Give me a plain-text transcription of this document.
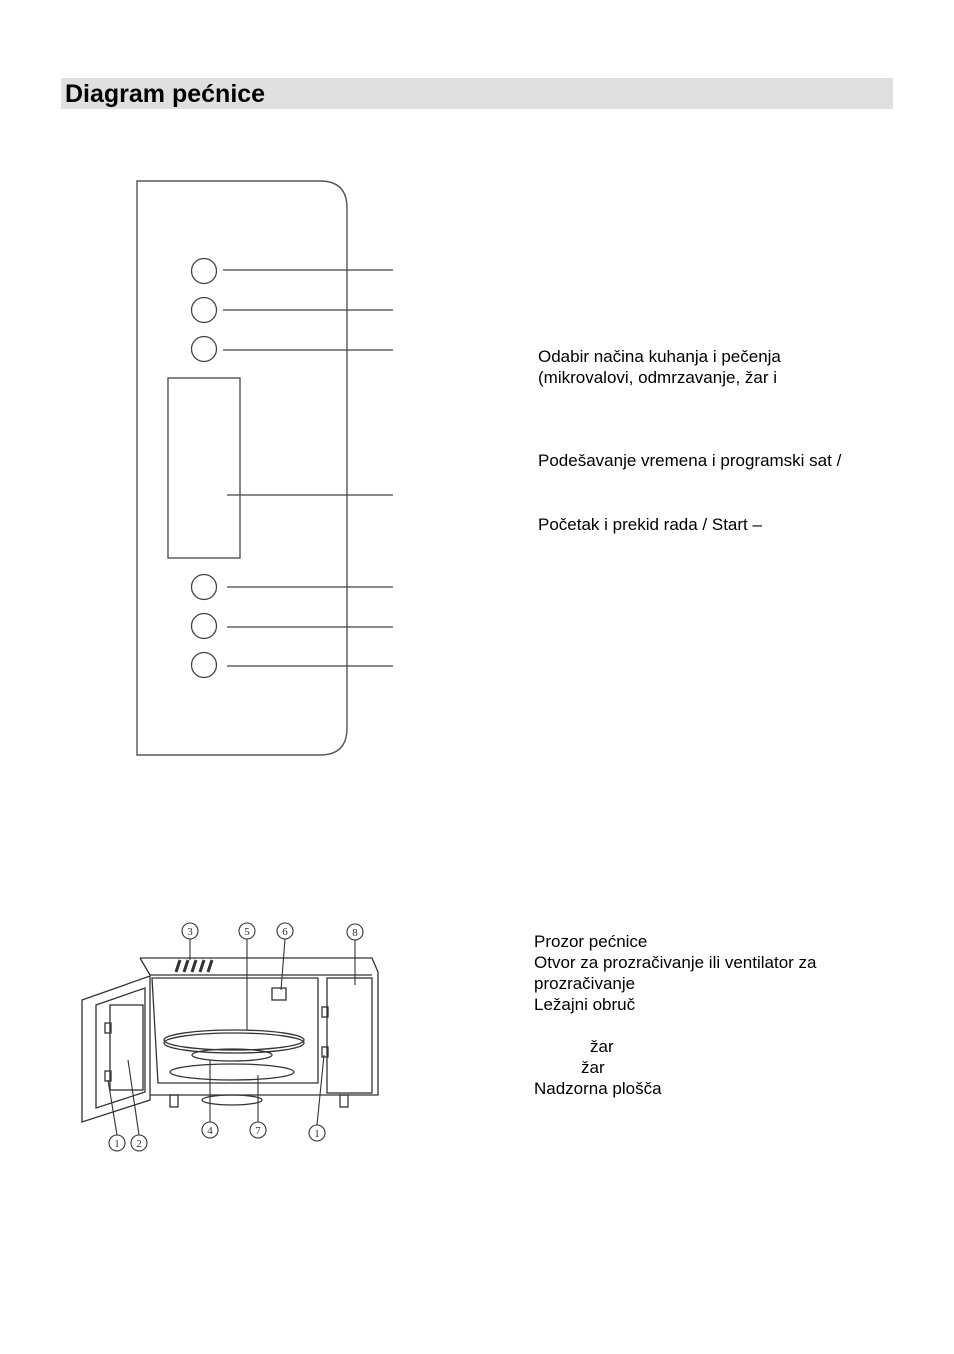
Diagram pećnice
3	5	6	8
1 2
4	7	1
Odabir načina kuhanja i pečenja
(mikrovalovi, odmrzavanje, žar i
Podešavanje vremena i programski sat /
Početak i prekid rada / Start –
Prozor pećnice
Otvor za prozračivanje ili ventilator za
prozračivanje
Ležajni obruč
žar
žar
Nadzorna plošča
